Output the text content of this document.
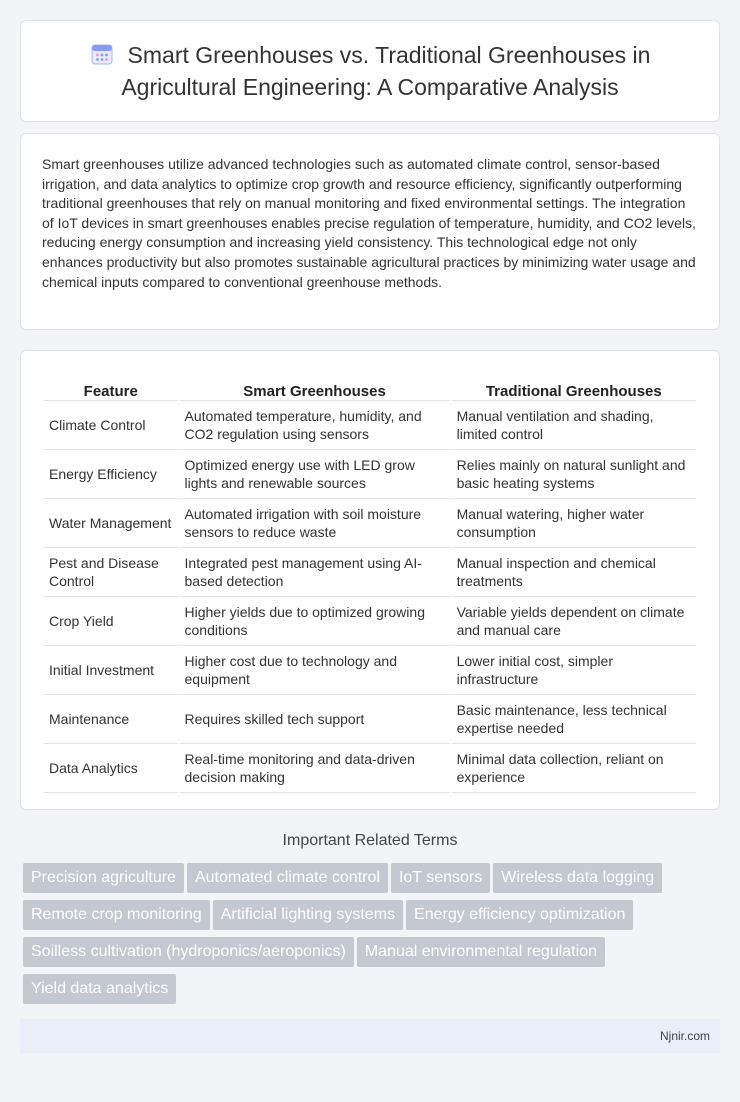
Smart Greenhouses vs. Traditional Greenhouses in Agricultural Engineering: A Comparative Analysis

Smart greenhouses utilize advanced technologies such as automated climate control, sensor-based irrigation, and data analytics to optimize crop growth and resource efficiency, significantly outperforming traditional greenhouses that rely on manual monitoring and fixed environmental settings. The integration of IoT devices in smart greenhouses enables precise regulation of temperature, humidity, and CO2 levels, reducing energy consumption and increasing yield consistency. This technological edge not only enhances productivity but also promotes sustainable agricultural practices by minimizing water usage and chemical inputs compared to conventional greenhouse methods.

Feature	Smart Greenhouses	Traditional Greenhouses
Climate Control	Automated temperature, humidity, and CO2 regulation using sensors	Manual ventilation and shading, limited control
Energy Efficiency	Optimized energy use with LED grow lights and renewable sources	Relies mainly on natural sunlight and basic heating systems
Water Management	Automated irrigation with soil moisture sensors to reduce waste	Manual watering, higher water consumption
Pest and Disease Control	Integrated pest management using AI-based detection	Manual inspection and chemical treatments
Crop Yield	Higher yields due to optimized growing conditions	Variable yields dependent on climate and manual care
Initial Investment	Higher cost due to technology and equipment	Lower initial cost, simpler infrastructure
Maintenance	Requires skilled tech support	Basic maintenance, less technical expertise needed
Data Analytics	Real-time monitoring and data-driven decision making	Minimal data collection, reliant on experience
Important Related Terms
Precision agriculture	Automated climate control	IoT sensors	Wireless data logging
Remote crop monitoring	Artificial lighting systems	Energy efficiency optimization
Soilless cultivation (hydroponics/aeroponics)	Manual environmental regulation
Yield data analytics
Njnir.com
